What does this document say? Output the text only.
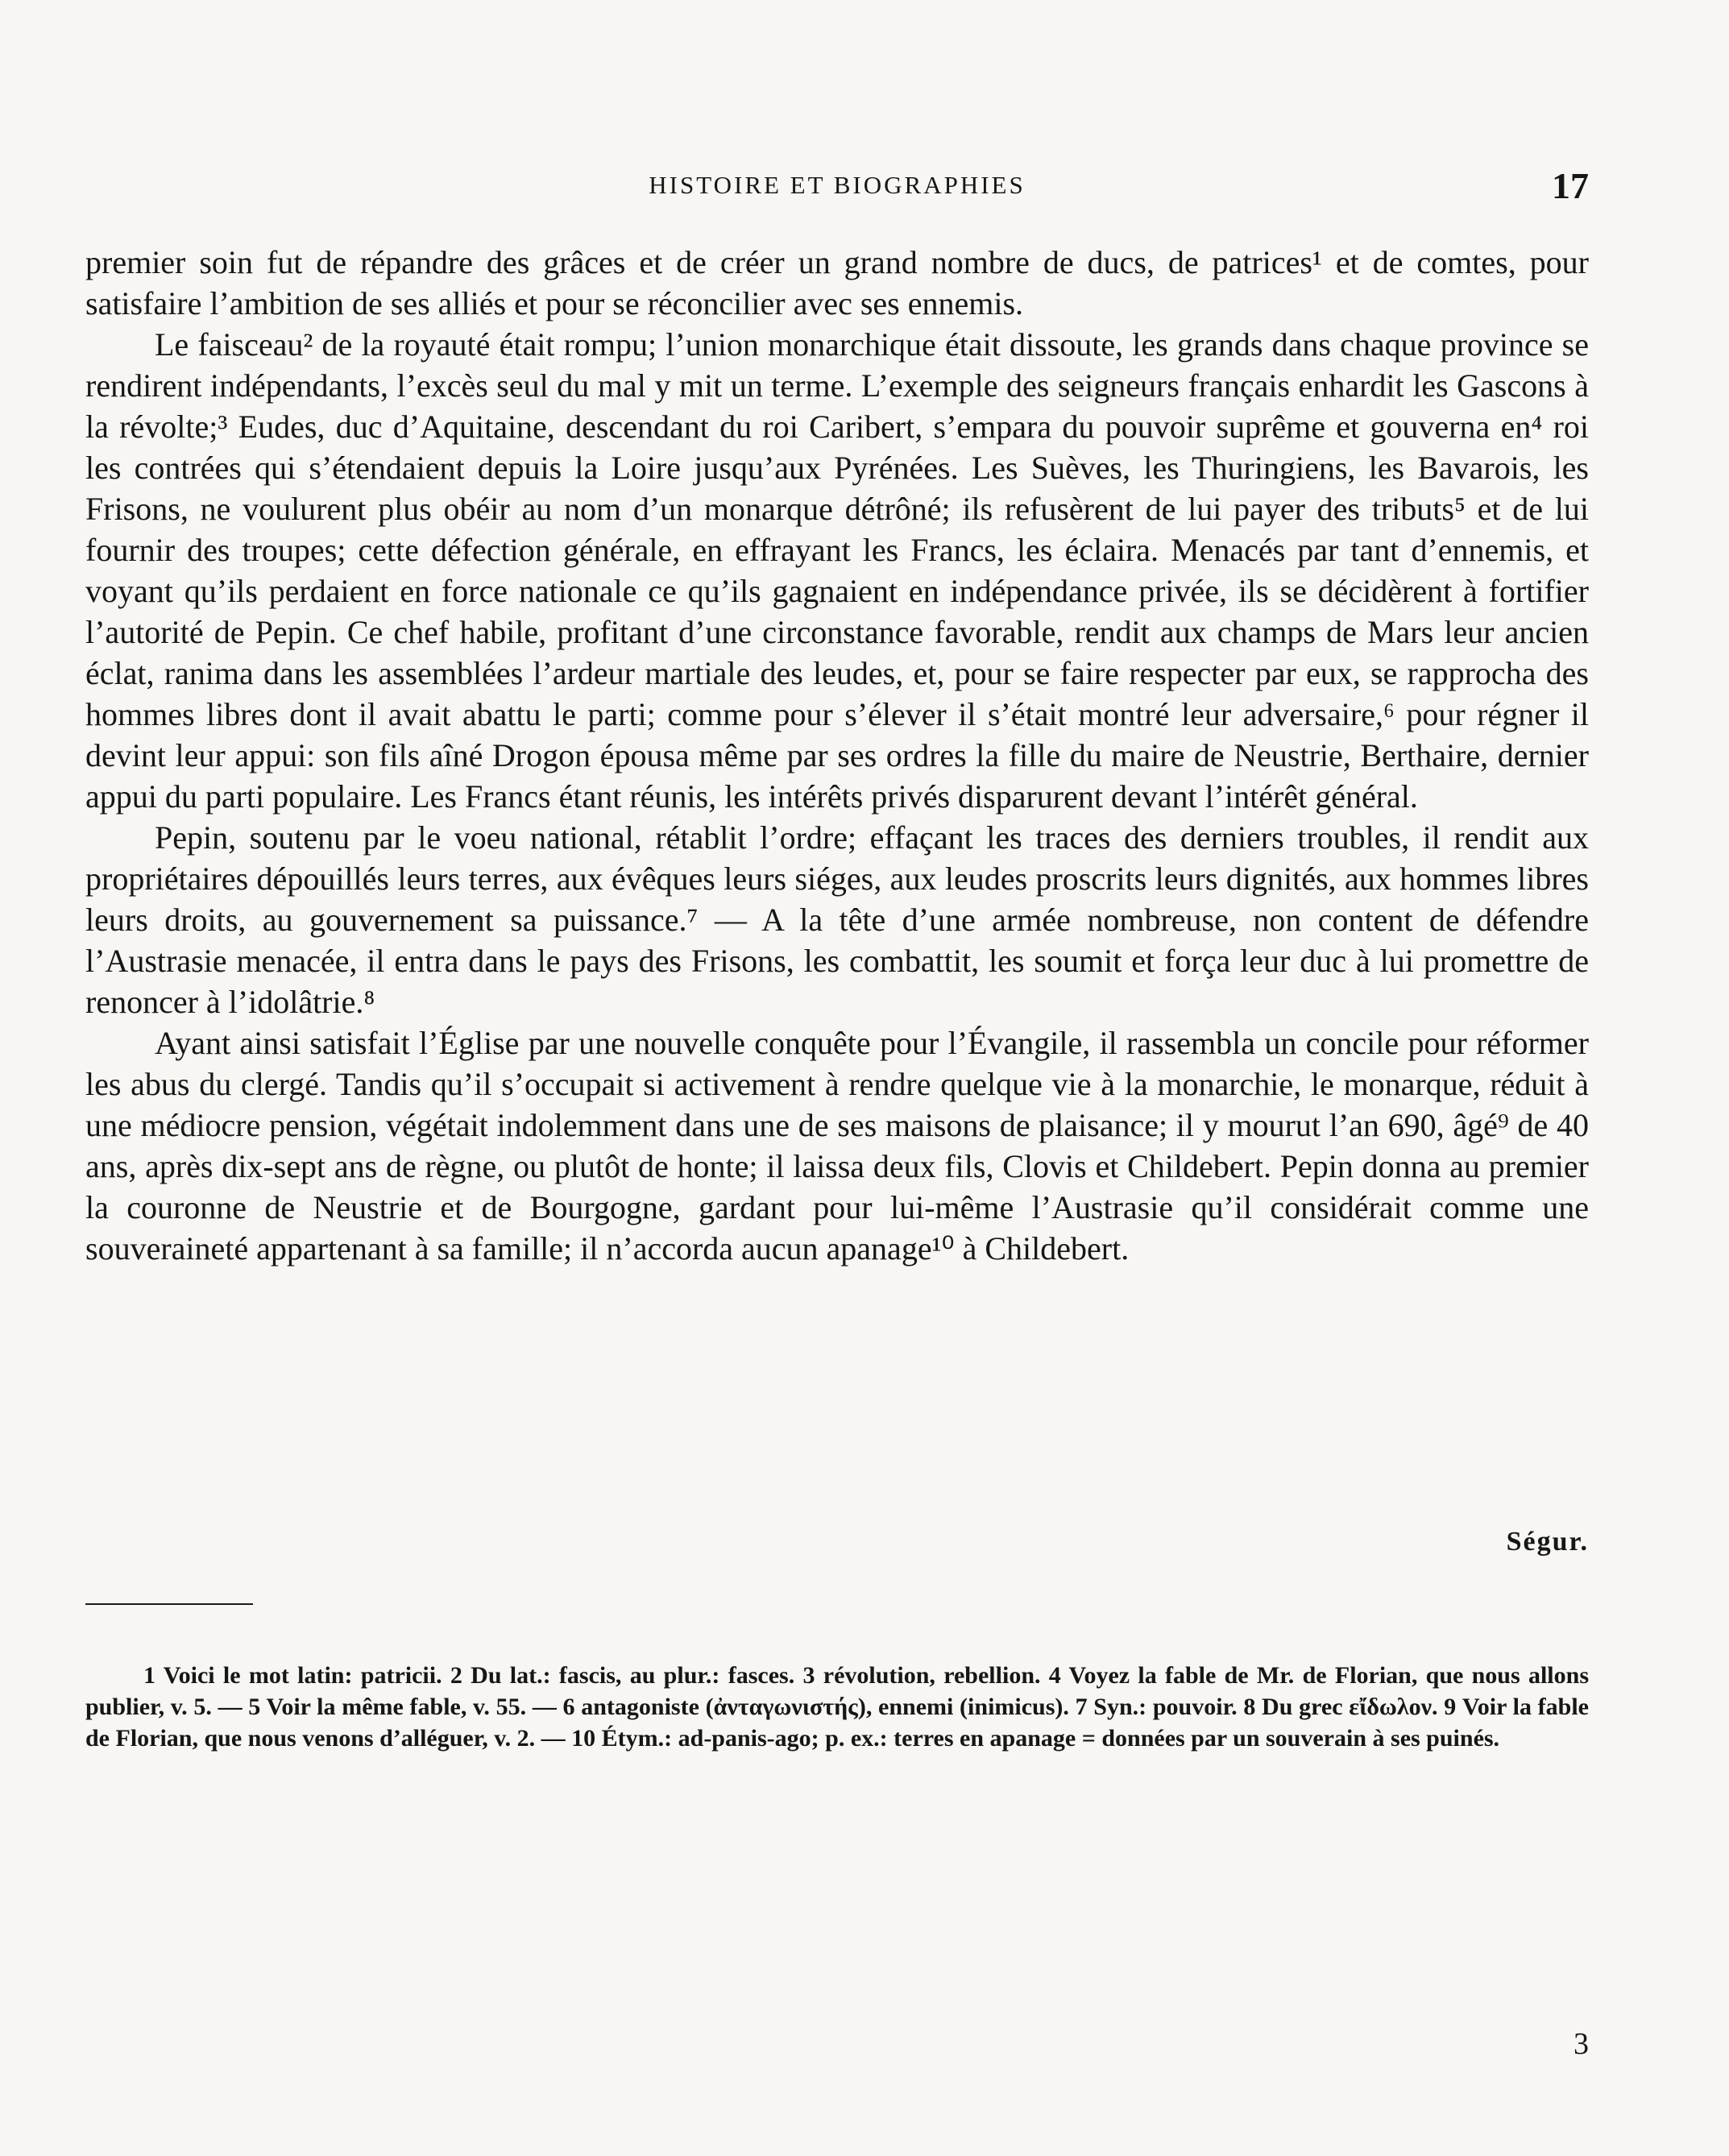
HISTOIRE ET BIOGRAPHIES	17

premier soin fut de répandre des grâces et de créer un grand nombre de ducs, de patrices¹ et de comtes, pour satisfaire l’ambition de ses alliés et pour se réconcilier avec ses ennemis.

Le faisceau² de la royauté était rompu; l’union monarchique était dissoute, les grands dans chaque province se rendirent indépendants, l’excès seul du mal y mit un terme. L’exemple des seigneurs français enhardit les Gascons à la révolte;³ Eudes, duc d’Aquitaine, descendant du roi Caribert, s’empara du pouvoir suprême et gouverna en⁴ roi les contrées qui s’étendaient depuis la Loire jusqu’aux Pyrénées. Les Suèves, les Thuringiens, les Bavarois, les Frisons, ne voulurent plus obéir au nom d’un monarque détrôné; ils refusèrent de lui payer des tributs⁵ et de lui fournir des troupes; cette défection générale, en effrayant les Francs, les éclaira. Menacés par tant d’ennemis, et voyant qu’ils perdaient en force nationale ce qu’ils gagnaient en indépendance privée, ils se décidèrent à fortifier l’autorité de Pepin. Ce chef habile, profitant d’une circonstance favorable, rendit aux champs de Mars leur ancien éclat, ranima dans les assemblées l’ardeur martiale des leudes, et, pour se faire respecter par eux, se rapprocha des hommes libres dont il avait abattu le parti; comme pour s’élever il s’était montré leur adversaire,⁶ pour régner il devint leur appui: son fils aîné Drogon épousa même par ses ordres la fille du maire de Neustrie, Berthaire, dernier appui du parti populaire. Les Francs étant réunis, les intérêts privés disparurent devant l’intérêt général.

Pepin, soutenu par le voeu national, rétablit l’ordre; effaçant les traces des derniers troubles, il rendit aux propriétaires dépouillés leurs terres, aux évêques leurs siéges, aux leudes proscrits leurs dignités, aux hommes libres leurs droits, au gouvernement sa puissance.⁷ — A la tête d’une armée nombreuse, non content de défendre l’Austrasie menacée, il entra dans le pays des Frisons, les combattit, les soumit et força leur duc à lui promettre de renoncer à l’idolâtrie.⁸

Ayant ainsi satisfait l’Église par une nouvelle conquête pour l’Évangile, il rassembla un concile pour réformer les abus du clergé. Tandis qu’il s’occupait si activement à rendre quelque vie à la monarchie, le monarque, réduit à une médiocre pension, végétait indolemment dans une de ses maisons de plaisance; il y mourut l’an 690, âgé⁹ de 40 ans, après dix-sept ans de règne, ou plutôt de honte; il laissa deux fils, Clovis et Childebert. Pepin donna au premier la couronne de Neustrie et de Bourgogne, gardant pour lui-même l’Austrasie qu’il considérait comme une souveraineté appartenant à sa famille; il n’accorda aucun apanage¹⁰ à Childebert.

Ségur.

1 Voici le mot latin: patricii. 2 Du lat.: fascis, au plur.: fasces. 3 révolution, rebellion. 4 Voyez la fable de Mr. de Florian, que nous allons publier, v. 5. — 5 Voir la même fable, v. 55. — 6 antagoniste (ἀνταγωνιστής), ennemi (inimicus). 7 Syn.: pouvoir. 8 Du grec εἴδωλον. 9 Voir la fable de Florian, que nous venons d’alléguer, v. 2. — 10 Étym.: ad-panis-ago; p. ex.: terres en apanage = données par un souverain à ses puinés.

3
